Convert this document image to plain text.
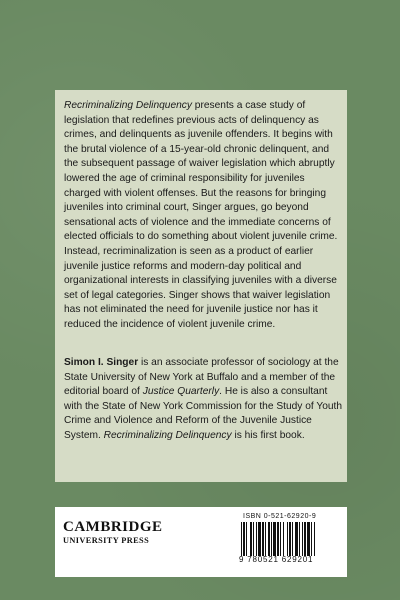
Recriminalizing Delinquency presents a case study of legislation that redefines previous acts of delinquency as crimes, and delinquents as juvenile offenders. It begins with the brutal violence of a 15-year-old chronic delinquent, and the subsequent passage of waiver legislation which abruptly lowered the age of criminal responsibility for juveniles charged with violent offenses. But the reasons for bringing juveniles into criminal court, Singer argues, go beyond sensational acts of violence and the immediate concerns of elected officials to do something about violent juvenile crime. Instead, recriminalization is seen as a product of earlier juvenile justice reforms and modern-day political and organizational interests in classifying juveniles with a diverse set of legal categories. Singer shows that waiver legislation has not eliminated the need for juvenile justice nor has it reduced the incidence of violent juvenile crime.
Simon I. Singer is an associate professor of sociology at the State University of New York at Buffalo and a member of the editorial board of Justice Quarterly. He is also a consultant with the State of New York Commission for the Study of Youth Crime and Violence and Reform of the Juvenile Justice System. Recriminalizing Delinquency is his first book.
CAMBRIDGE
UNIVERSITY PRESS
ISBN 0-521-62920-9
9 780521 629201
